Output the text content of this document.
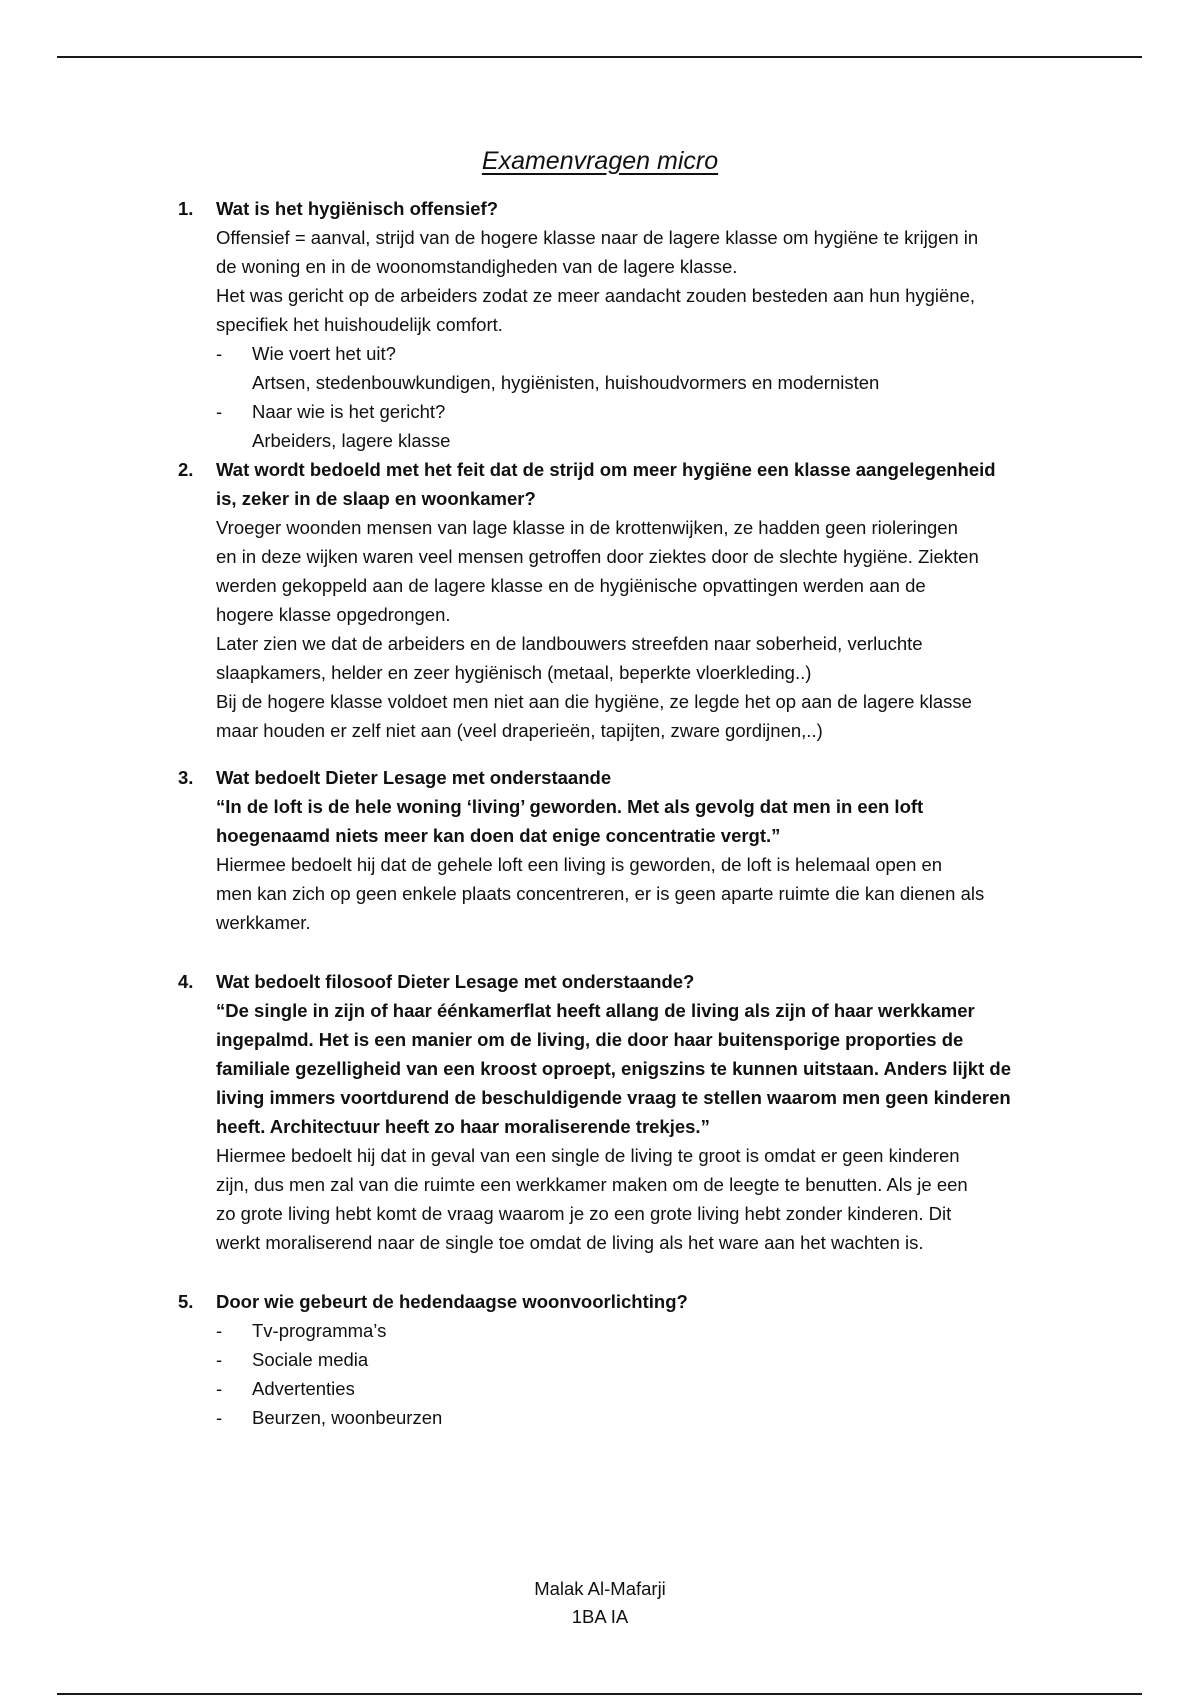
Examenvragen micro
1. Wat is het hygiënisch offensief?
Offensief = aanval, strijd van de hogere klasse naar de lagere klasse om hygiëne te krijgen in
de woning en in de woonomstandigheden van de lagere klasse.
Het was gericht op de arbeiders zodat ze meer aandacht zouden besteden aan hun hygiëne,
specifiek het huishoudelijk comfort.
- Wie voert het uit?
Artsen, stedenbouwkundigen, hygiënisten, huishoudvormers en modernisten
- Naar wie is het gericht?
Arbeiders, lagere klasse
2. Wat wordt bedoeld met het feit dat de strijd om meer hygiëne een klasse aangelegenheid
is, zeker in de slaap en woonkamer?
Vroeger woonden mensen van lage klasse in de krottenwijken, ze hadden geen rioleringen
en in deze wijken waren veel mensen getroffen door ziektes door de slechte hygiëne. Ziekten
werden gekoppeld aan de lagere klasse en de hygiënische opvattingen werden aan de
hogere klasse opgedrongen.
Later zien we dat de arbeiders en de landbouwers streefden naar soberheid, verluchte
slaapkamers, helder en zeer hygiënisch (metaal, beperkte vloerkleding..)
Bij de hogere klasse voldoet men niet aan die hygiëne, ze legde het op aan de lagere klasse
maar houden er zelf niet aan (veel draperieën, tapijten, zware gordijnen,..)
3. Wat bedoelt Dieter Lesage met onderstaande
“In de loft is de hele woning ‘living’ geworden. Met als gevolg dat men in een loft
hoegenaamd niets meer kan doen dat enige concentratie vergt.”
Hiermee bedoelt hij dat de gehele loft een living is geworden, de loft is helemaal open en
men kan zich op geen enkele plaats concentreren, er is geen aparte ruimte die kan dienen als
werkkamer.
4. Wat bedoelt filosoof Dieter Lesage met onderstaande?
“De single in zijn of haar éénkamerflat heeft allang de living als zijn of haar werkkamer
ingepalmd. Het is een manier om de living, die door haar buitensporige proporties de
familiale gezelligheid van een kroost oproept, enigszins te kunnen uitstaan. Anders lijkt de
living immers voortdurend de beschuldigende vraag te stellen waarom men geen kinderen
heeft. Architectuur heeft zo haar moraliserende trekjes.”
Hiermee bedoelt hij dat in geval van een single de living te groot is omdat er geen kinderen
zijn, dus men zal van die ruimte een werkkamer maken om de leegte te benutten. Als je een
zo grote living hebt komt de vraag waarom je zo een grote living hebt zonder kinderen. Dit
werkt moraliserend naar de single toe omdat de living als het ware aan het wachten is.
5. Door wie gebeurt de hedendaagse woonvoorlichting?
- Tv-programma’s
- Sociale media
- Advertenties
- Beurzen, woonbeurzen
Malak Al-Mafarji
1BA IA
